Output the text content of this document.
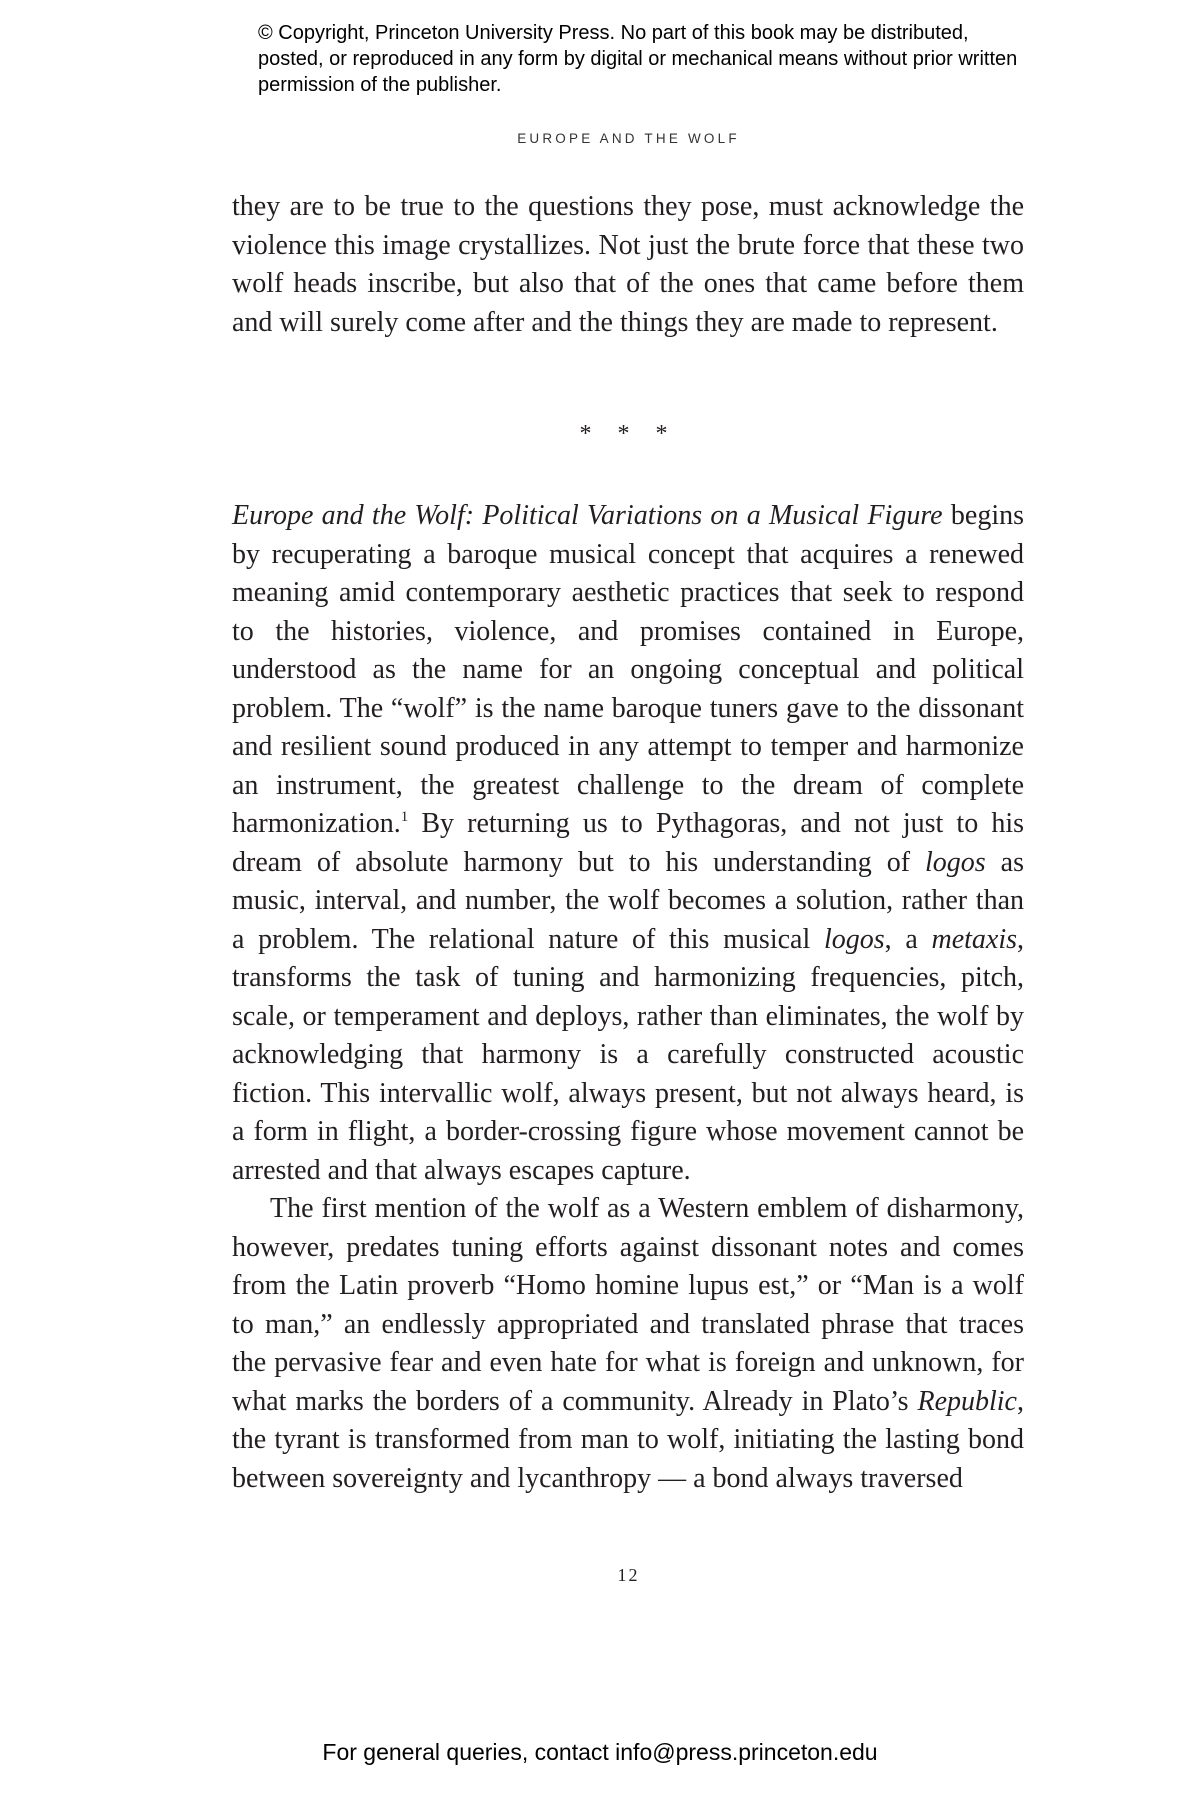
© Copyright, Princeton University Press. No part of this book may be distributed, posted, or reproduced in any form by digital or mechanical means without prior written permission of the publisher.
EUROPE AND THE WOLF

they are to be true to the questions they pose, must acknowledge the violence this image crystallizes. Not just the brute force that these two wolf heads inscribe, but also that of the ones that came before them and will surely come after and the things they are made to represent.

* * *

Europe and the Wolf: Political Variations on a Musical Figure begins by recuperating a baroque musical concept that acquires a renewed meaning amid contemporary aesthetic practices that seek to respond to the histories, violence, and promises contained in Europe, understood as the name for an ongoing conceptual and political problem. The “wolf” is the name baroque tuners gave to the dissonant and resilient sound produced in any attempt to temper and harmonize an instrument, the greatest challenge to the dream of complete harmonization.$^1$ By returning us to Pythagoras, and not just to his dream of absolute harmony but to his understanding of logos as music, interval, and number, the wolf becomes a solution, rather than a problem. The relational nature of this musical logos, a metaxis, transforms the task of tuning and harmonizing frequencies, pitch, scale, or temperament and deploys, rather than eliminates, the wolf by acknowledging that harmony is a carefully constructed acoustic fiction. This intervallic wolf, always present, but not always heard, is a form in flight, a border-crossing figure whose movement cannot be arrested and that always escapes capture.

The first mention of the wolf as a Western emblem of disharmony, however, predates tuning efforts against dissonant notes and comes from the Latin proverb “Homo homine lupus est,” or “Man is a wolf to man,” an endlessly appropriated and translated phrase that traces the pervasive fear and even hate for what is foreign and unknown, for what marks the borders of a community. Already in Plato’s Republic, the tyrant is transformed from man to wolf, initiating the lasting bond between sovereignty and lycanthropy — a bond always traversed

12
For general queries, contact info@press.princeton.edu
